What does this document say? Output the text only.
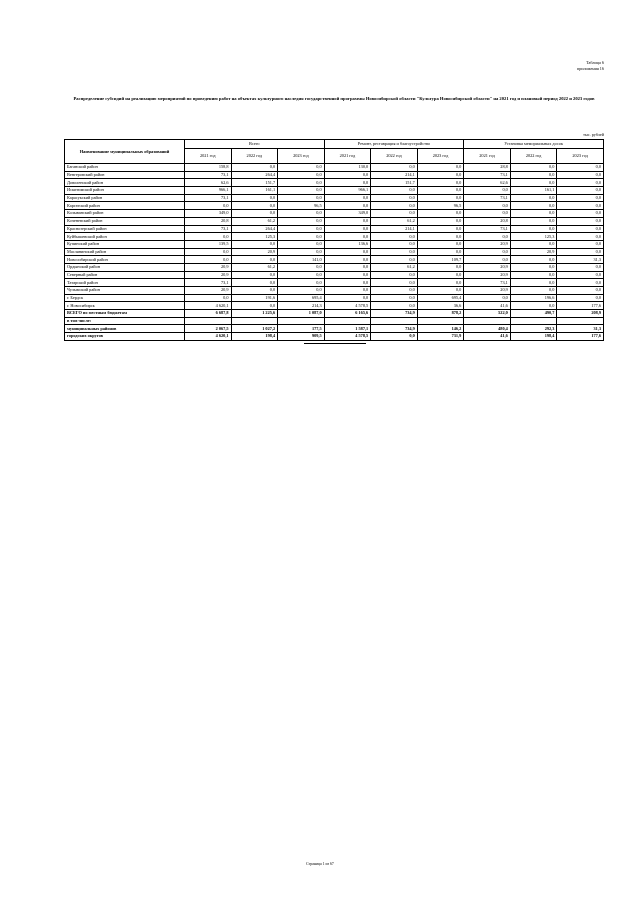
Таблица 6
приложения 16
Распределение субсидий на реализацию мероприятий по проведению работ на объектах культурного наследия государственной программы Новосибирской области "Культура Новосибирской области" на 2021 год и плановый период 2022 и 2023 годов
тыс. рублей
Наименование муниципальных образований	Всего			Ремонт, реставрация и благоустройство			Установка мемориальных досок		
	2021 год	2022 год	2023 год	2021 год	2022 год	2023 год	2021 год	2022 год	2023 год
Баганский район	158,8	0,0	0,0	130,0	0,0	0,0	28,8	0,0	0,0
Венгеровский район	73,1	264,4	0,0	0,0	214,1	0,0	73,1	0,0	0,0
Доволенский район	62,6	151,7	0,0	0,0	151,7	0,0	62,6	0,0	0,0
Искитимский район	966,1	161,1	0,0	966,1	0,0	0,0	0,0	161,1	0,0
Карасукский район	73,1	0,0	0,0	0,0	0,0	0,0	73,1	0,0	0,0
Каргатский район	0,0	0,0	96,5	0,0	0,0	96,5	0,0	0,0	0,0
Колыванский район	349,0	0,0	0,0	349,0	0,0	0,0	0,0	0,0	0,0
Коченевский район	20,8	61,2	0,0	0,0	61,2	0,0	20,8	0,0	0,0
Краснозерский район	73,1	264,4	0,0	0,0	214,1	0,0	73,1	0,0	0,0
Куйбышевский район	0,0	125,3	0,0	0,0	0,0	0,0	0,0	125,3	0,0
Купинский район	139,5	0,0	0,0	136,6	0,0	0,0	20,9	0,0	0,0
Маслянинский район	0,0	20,9	0,0	0,0	0,0	0,0	0,0	20,9	0,0
Новосибирский район	0,0	0,0	141,0	0,0	0,0	109,7	0,0	0,0	31,3
Ордынский район	20,9	61,2	0,0	0,0	61,2	0,0	20,9	0,0	0,0
Северный район	20,9	0,0	0,0	0,0	0,0	0,0	20,9	0,0	0,0
Татарский район	73,1	0,0	0,0	0,0	0,0	0,0	73,1	0,0	0,0
Чулымский район	20,9	0,0	0,0	0,0	0,0	0,0	20,9	0,0	0,0
г. Бердск	0,0	191,6	695,4	0,0	0,0	695,4	0,0	196,6	0,0
г. Новосибирск	4 620,1	0,0	214,3	4 578,5	0,0	36,6	41,6	0,0	177,6
ВСЕГО по местным бюджетам	6 687,8	1 225,6	1 087,0	6 165,6	734,9	878,2	522,0	490,7	208,9
в том числе:									
муниципальных районов	2 067,5	1 027,2	177,5	1 587,1	734,9	146,2	480,4	292,3	31,3
городских округов	4 620,1	198,4	909,5	4 578,5	0,0	731,9	41,6	198,4	177,6
Страница 1 из 67
